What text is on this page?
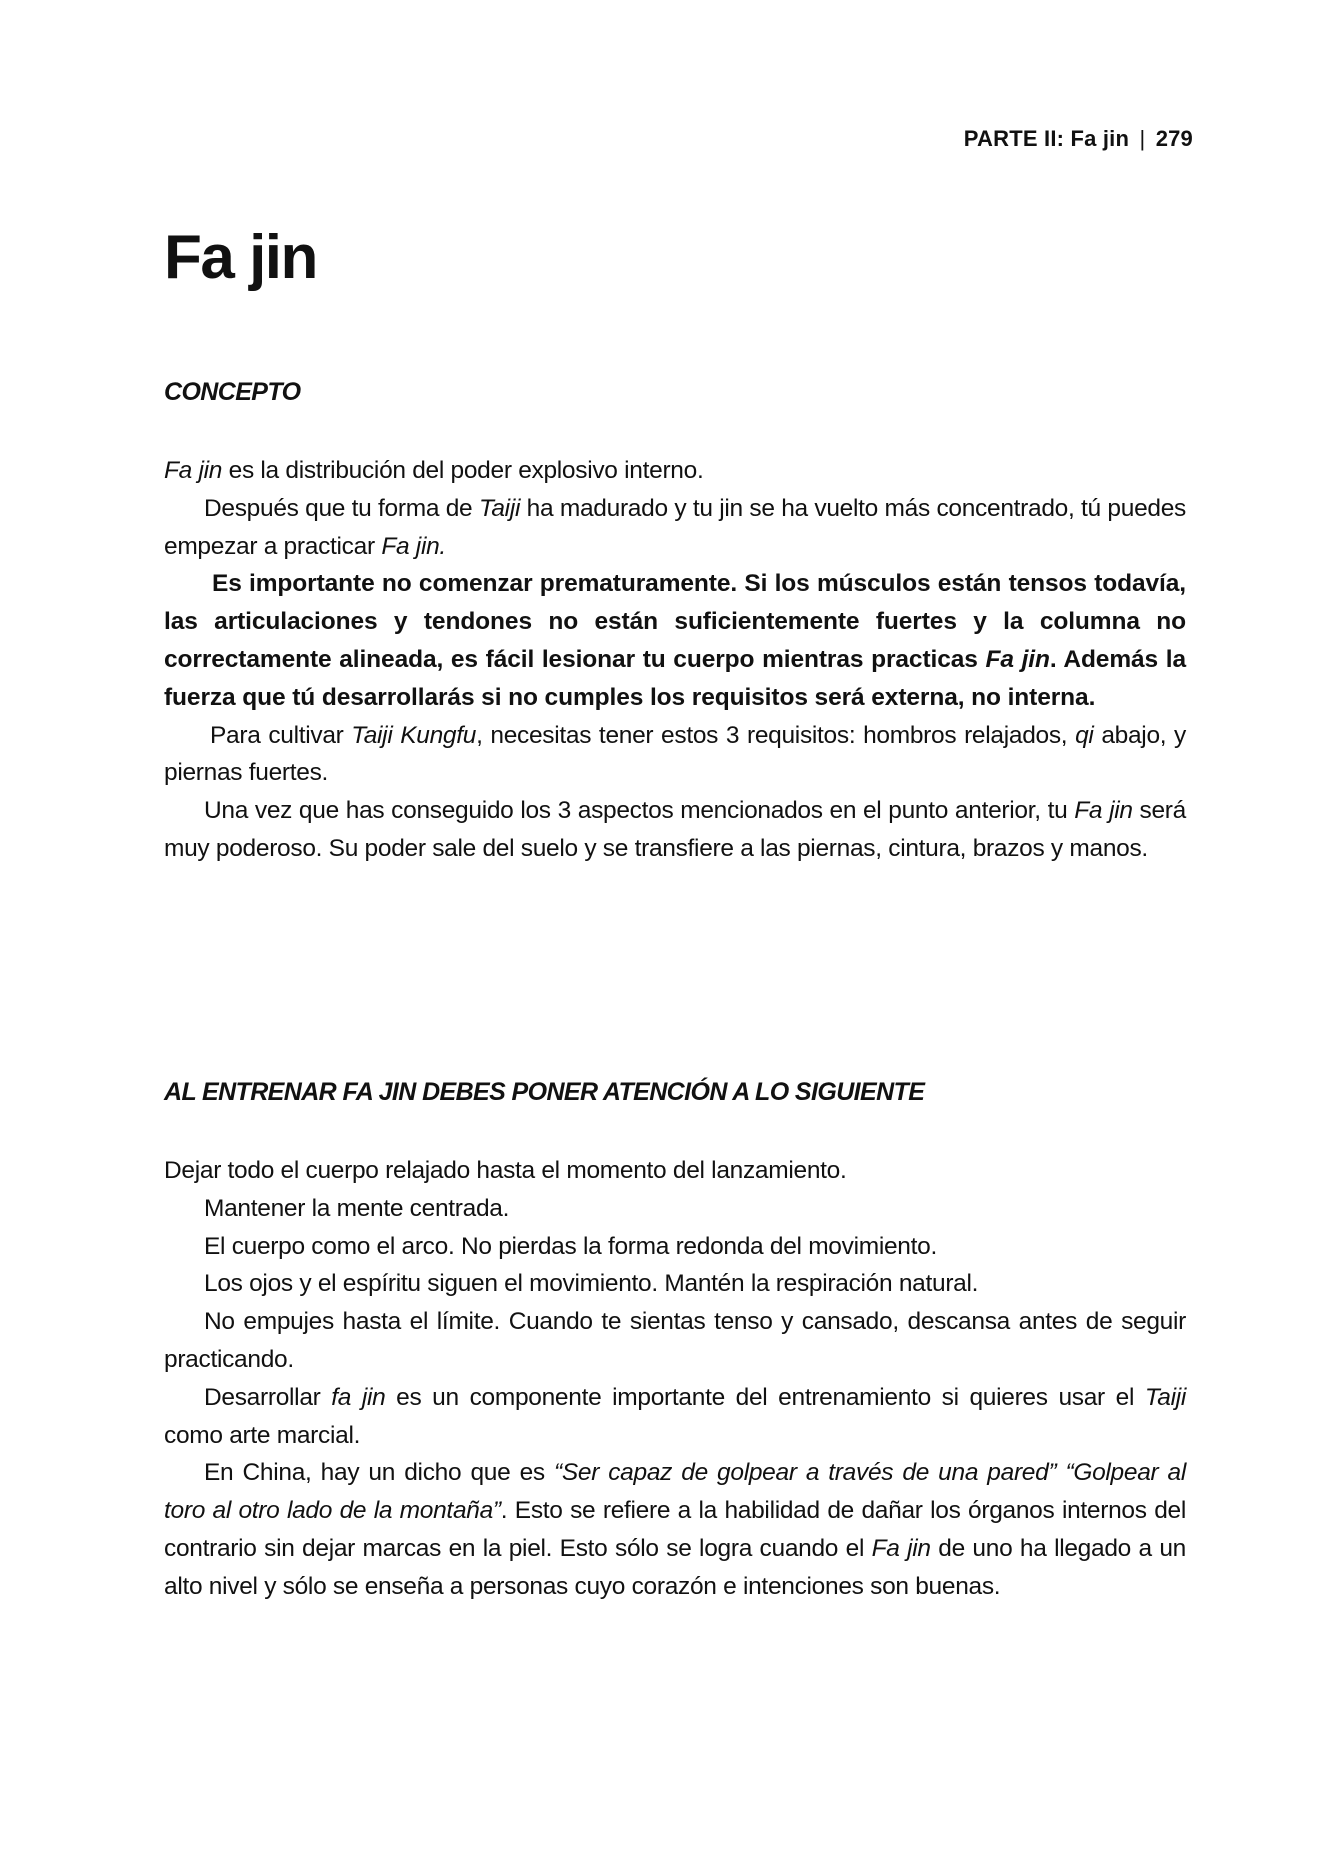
PARTE II: Fa jin | 279
Fa jin
CONCEPTO

Fa jin es la distribución del poder explosivo interno.

Después que tu forma de Taiji ha madurado y tu jin se ha vuelto más concentrado, tú puedes empezar a practicar Fa jin.

Es importante no comenzar prematuramente. Si los músculos están tensos todavía, las articulaciones y tendones no están suficientemente fuertes y la columna no correctamente alineada, es fácil lesionar tu cuerpo mientras practicas Fa jin. Además la fuerza que tú desarrollarás si no cumples los requisitos será externa, no interna.

Para cultivar Taiji Kungfu, necesitas tener estos 3 requisitos: hombros relajados, qi abajo, y piernas fuertes.

Una vez que has conseguido los 3 aspectos mencionados en el punto anterior, tu Fa jin será muy poderoso. Su poder sale del suelo y se transfiere a las piernas, cintura, brazos y manos.

AL ENTRENAR FA JIN DEBES PONER ATENCIÓN A LO SIGUIENTE

Dejar todo el cuerpo relajado hasta el momento del lanzamiento.

Mantener la mente centrada.

El cuerpo como el arco. No pierdas la forma redonda del movimiento.

Los ojos y el espíritu siguen el movimiento. Mantén la respiración natural.

No empujes hasta el límite. Cuando te sientas tenso y cansado, descansa antes de seguir practicando.

Desarrollar fa jin es un componente importante del entrenamiento si quieres usar el Taiji como arte marcial.

En China, hay un dicho que es “Ser capaz de golpear a través de una pared” “Golpear al toro al otro lado de la montaña”. Esto se refiere a la habilidad de dañar los órganos internos del contrario sin dejar marcas en la piel. Esto sólo se logra cuando el Fa jin de uno ha llegado a un alto nivel y sólo se enseña a personas cuyo corazón e intenciones son buenas.
